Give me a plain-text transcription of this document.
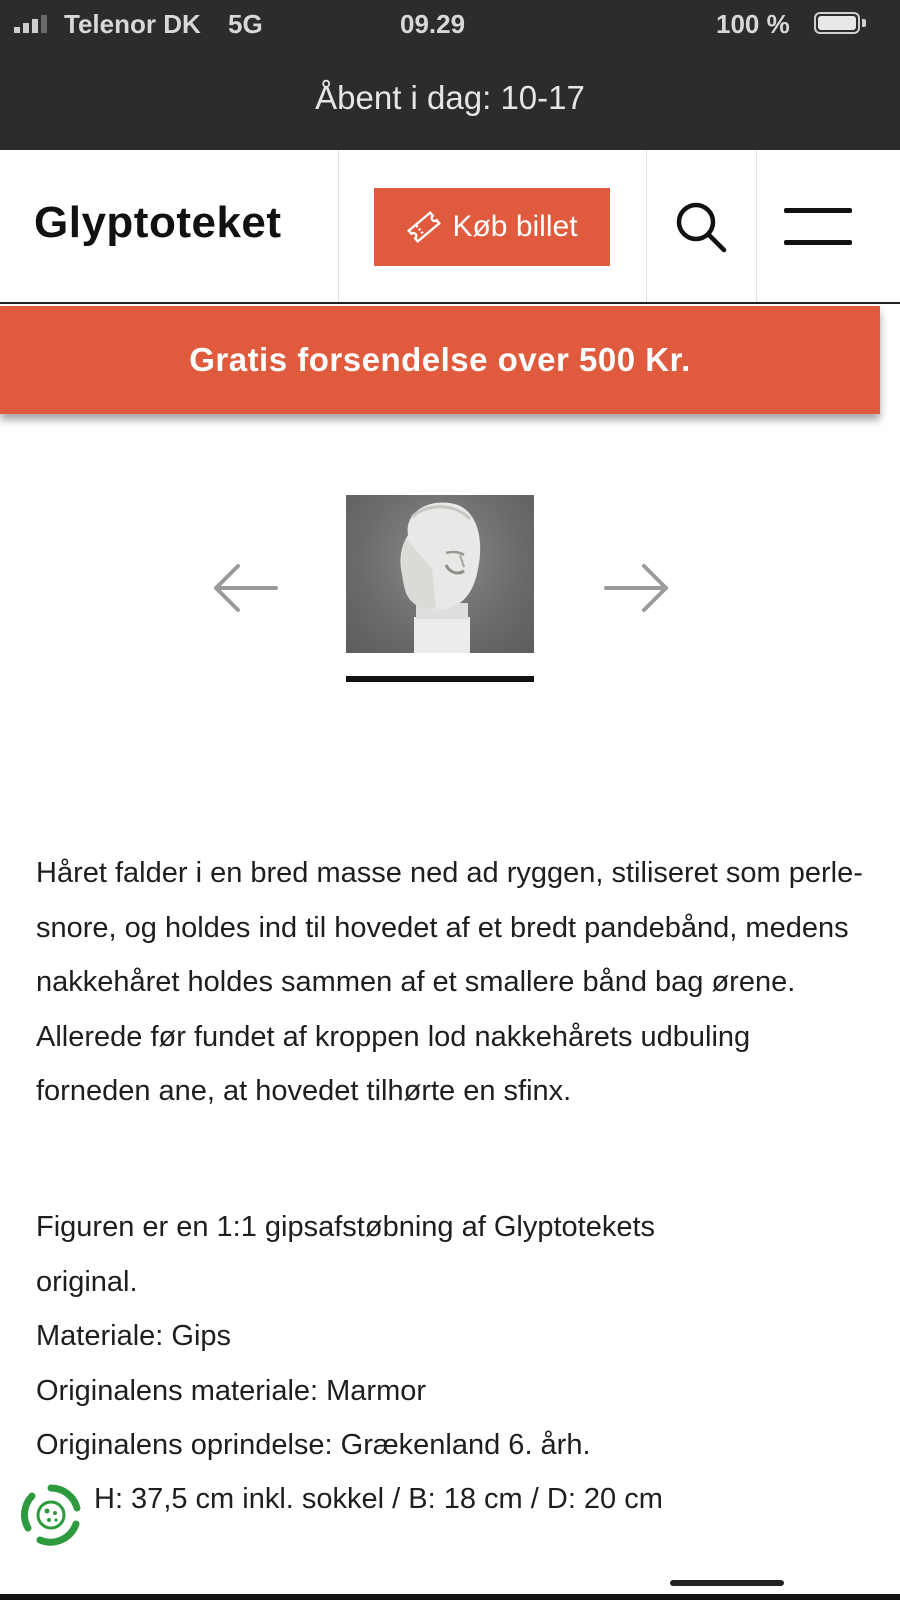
Telenor DK 5G	09.29	100 %
Åbent i dag: 10-17
Glyptoteket	Køb billet
Gratis forsendelse over 500 Kr.

Håret falder i en bred masse ned ad ryggen, stiliseret som perle-snore, og holdes ind til hovedet af et bredt pandebånd, medens nakkehåret holdes sammen af et smallere bånd bag ørene. Allerede før fundet af kroppen lod nakkehårets udbuling forneden ane, at hovedet tilhørte en sfinx.

Figuren er en 1:1 gipsafstøbning af Glyptotekets
original.
Materiale: Gips
Originalens materiale: Marmor
Originalens oprindelse: Grækenland 6. årh.
H: 37,5 cm inkl. sokkel / B: 18 cm / D: 20 cm
